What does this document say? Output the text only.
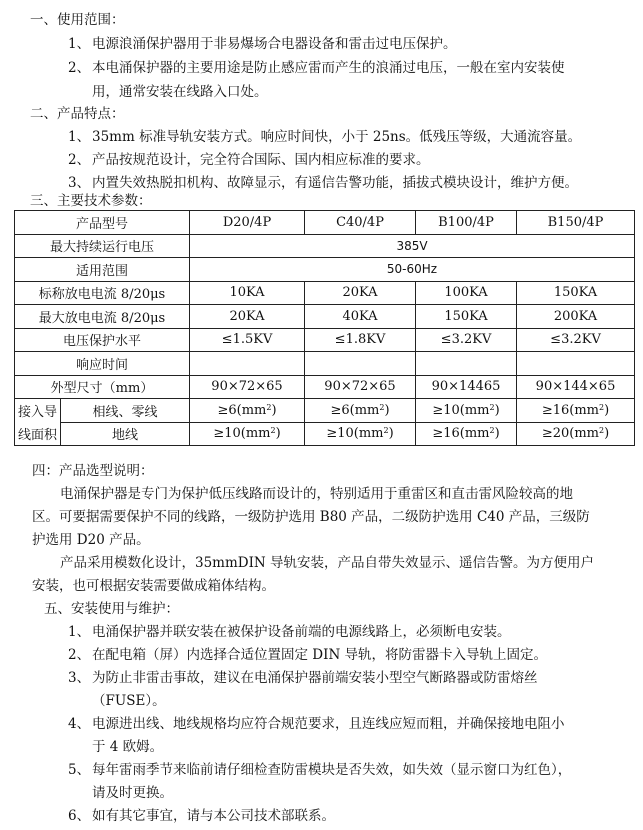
一、使用范围：
1、 电源浪涌保护器用于非易爆场合电器设备和雷击过电压保护。
2、 本电涌保护器的主要用途是防止感应雷而产生的浪涌过电压，一般在室内安装使
用，通常安装在线路入口处。
二、产品特点：
1、 35mm 标准导轨安装方式。响应时间快，小于 25ns。低残压等级，大通流容量。
2、 产品按规范设计，完全符合国际、国内相应标准的要求。
3、 内置失效热脱扣机构、故障显示，有遥信告警功能，插拔式模块设计，维护方便。
三、主要技术参数：
产品型号		D20/4P	C40/4P	B100/4P	B150/4P
最大持续运行电压		385V			
适用范围		50-60Hz			
标称放电电流 8/20μs		10KA	20KA	100KA	150KA
最大放电电流 8/20μs		20KA	40KA	150KA	200KA
电压保护水平		≤1.5KV	≤1.8KV	≤3.2KV	≤3.2KV
响应时间					
外型尺寸（mm）		90×72×65	90×72×65	90×14465	90×144×65
接入导	相线、零线	$\ge 6(mm^2)$	$\ge 6(mm^2)$	$\ge 10(mm^2)$	$\ge 16(mm^2)$
线面积	地线	$\ge 10(mm^2)$	$\ge 10(mm^2)$	$\ge 16(mm^2)$	$\ge 20(mm^2)$
四：产品选型说明：
电涌保护器是专门为保护低压线路而设计的，特别适用于重雷区和直击雷风险较高的地
区。可要据需要保护不同的线路，一级防护选用 B80 产品，二级防护选用 C40 产品，三级防
护选用 D20 产品。
产品采用模数化设计，35mmDIN 导轨安装，产品自带失效显示、遥信告警。为方便用户
安装，也可根据安装需要做成箱体结构。
五、安装使用与维护：
1、 电涌保护器并联安装在被保护设备前端的电源线路上，必须断电安装。
2、 在配电箱（屏）内选择合适位置固定 DIN 导轨，将防雷器卡入导轨上固定。
3、 为防止非雷击事故，建议在电涌保护器前端安装小型空气断路器或防雷熔丝
（FUSE）。
4、 电源进出线、地线规格均应符合规范要求，且连线应短而粗，并确保接地电阻小
于 4 欧姆。
5、 每年雷雨季节来临前请仔细检查防雷模块是否失效，如失效（显示窗口为红色），
请及时更换。
6、 如有其它事宜，请与本公司技术部联系。
